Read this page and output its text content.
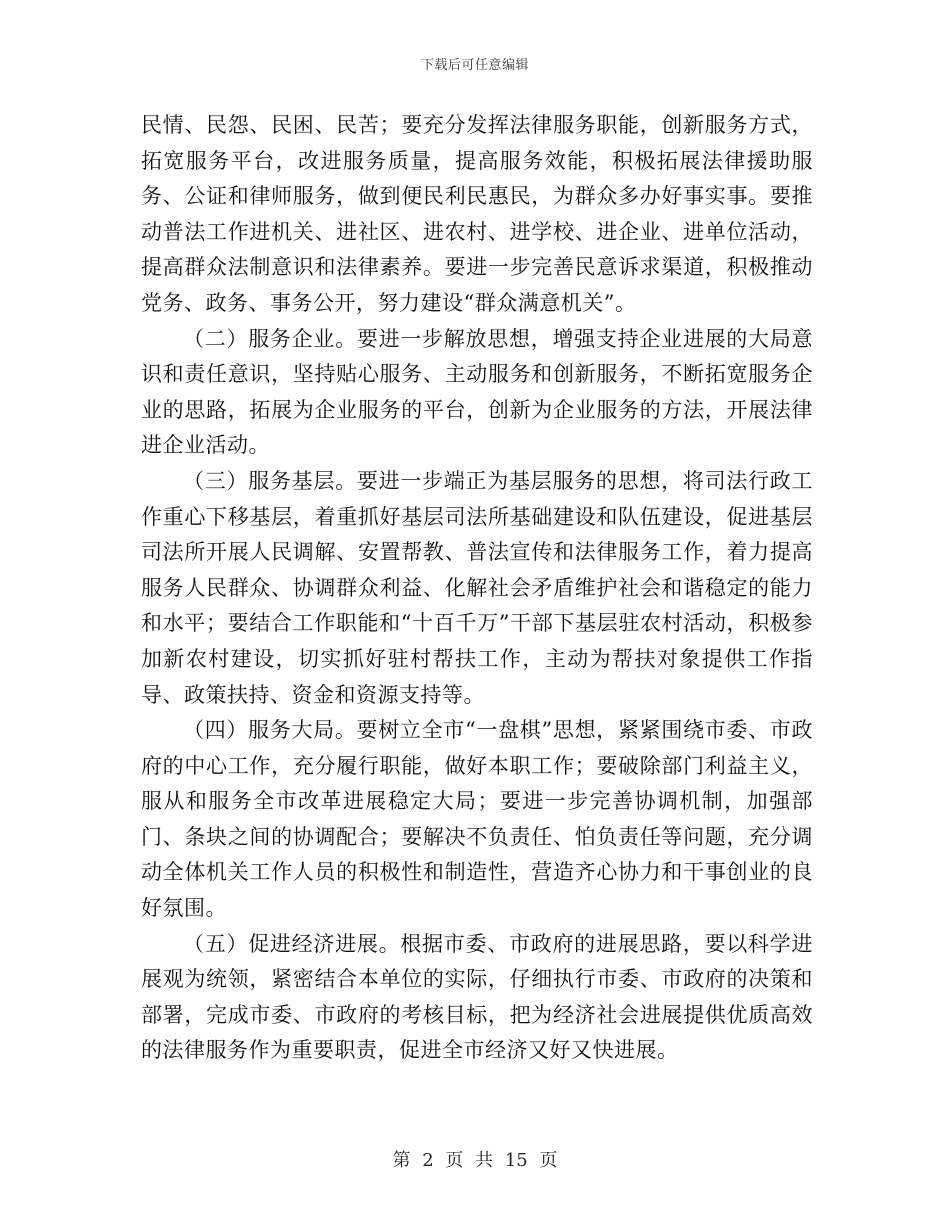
下载后可任意编辑

民情、民怨、民困、民苦；要充分发挥法律服务职能，创新服务方式，拓宽服务平台，改进服务质量，提高服务效能，积极拓展法律援助服务、公证和律师服务，做到便民利民惠民，为群众多办好事实事。要推动普法工作进机关、进社区、进农村、进学校、进企业、进单位活动，提高群众法制意识和法律素养。要进一步完善民意诉求渠道，积极推动党务、政务、事务公开，努力建设“群众满意机关”。

（二）服务企业。要进一步解放思想，增强支持企业进展的大局意识和责任意识，坚持贴心服务、主动服务和创新服务，不断拓宽服务企业的思路，拓展为企业服务的平台，创新为企业服务的方法，开展法律进企业活动。

（三）服务基层。要进一步端正为基层服务的思想，将司法行政工作重心下移基层，着重抓好基层司法所基础建设和队伍建设，促进基层司法所开展人民调解、安置帮教、普法宣传和法律服务工作，着力提高服务人民群众、协调群众利益、化解社会矛盾维护社会和谐稳定的能力和水平；要结合工作职能和“十百千万”干部下基层驻农村活动，积极参加新农村建设，切实抓好驻村帮扶工作，主动为帮扶对象提供工作指导、政策扶持、资金和资源支持等。

（四）服务大局。要树立全市“一盘棋”思想，紧紧围绕市委、市政府的中心工作，充分履行职能，做好本职工作；要破除部门利益主义，服从和服务全市改革进展稳定大局；要进一步完善协调机制，加强部门、条块之间的协调配合；要解决不负责任、怕负责任等问题，充分调动全体机关工作人员的积极性和制造性，营造齐心协力和干事创业的良好氛围。

（五）促进经济进展。根据市委、市政府的进展思路，要以科学进展观为统领，紧密结合本单位的实际，仔细执行市委、市政府的决策和部署，完成市委、市政府的考核目标，把为经济社会进展提供优质高效的法律服务作为重要职责，促进全市经济又好又快进展。

第 2 页 共 15 页
